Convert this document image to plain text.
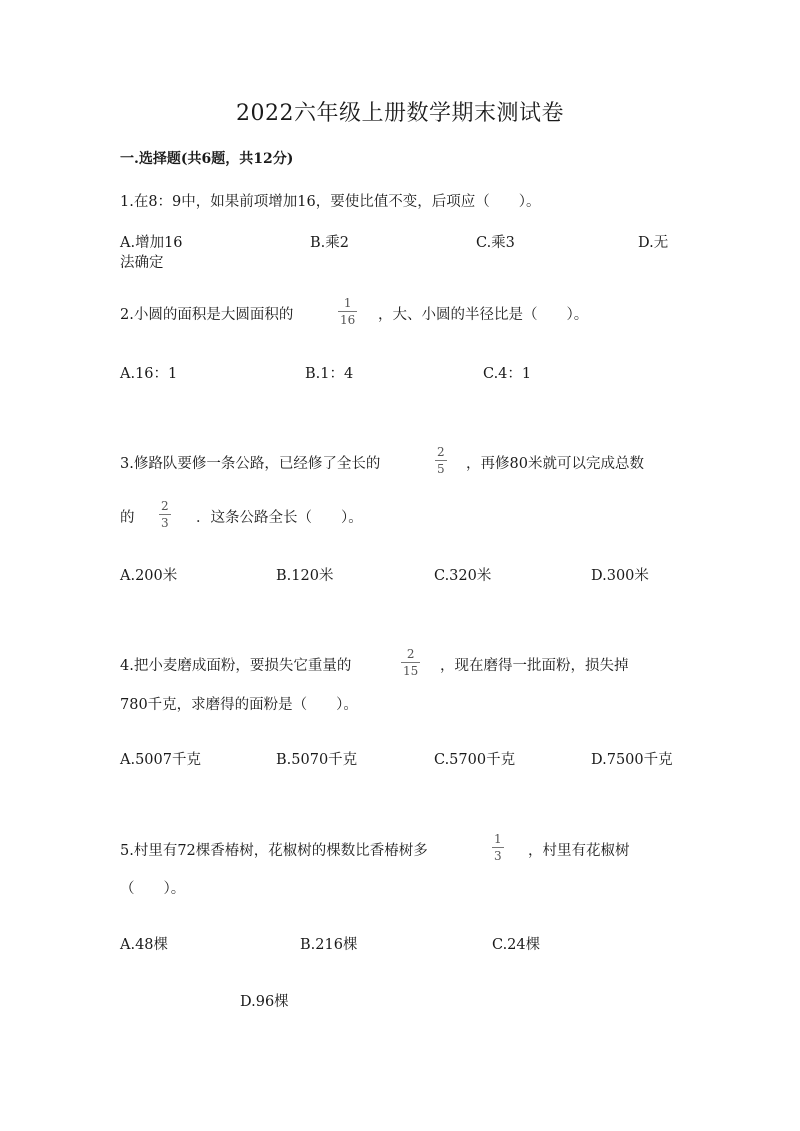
2022六年级上册数学期末测试卷
一.选择题(共6题，共12分)
1.在8：9中，如果前项增加16，要使比值不变，后项应（　　）。
A.增加16	B.乘2	C.乘3	D.无
法确定
2.小圆的面积是大圆面积的
1
16 ，大、小圆的半径比是（　　）。
A.16：1	B.1：4	C.4：1
3.修路队要修一条公路，已经修了全长的
2
5 ，再修80米就可以完成总数
的
2
3 ．这条公路全长（　　）。
A.200米	B.120米	C.320米	D.300米
4.把小麦磨成面粉，要损失它重量的
2
15 ，现在磨得一批面粉，损失掉
780千克，求磨得的面粉是（　　）。
A.5007千克	B.5070千克	C.5700千克	D.7500千克
5.村里有72棵香椿树，花椒树的棵数比香椿树多
1
3 ，村里有花椒树
（　　）。
A.48棵	B.216棵	C.24棵
D.96棵
